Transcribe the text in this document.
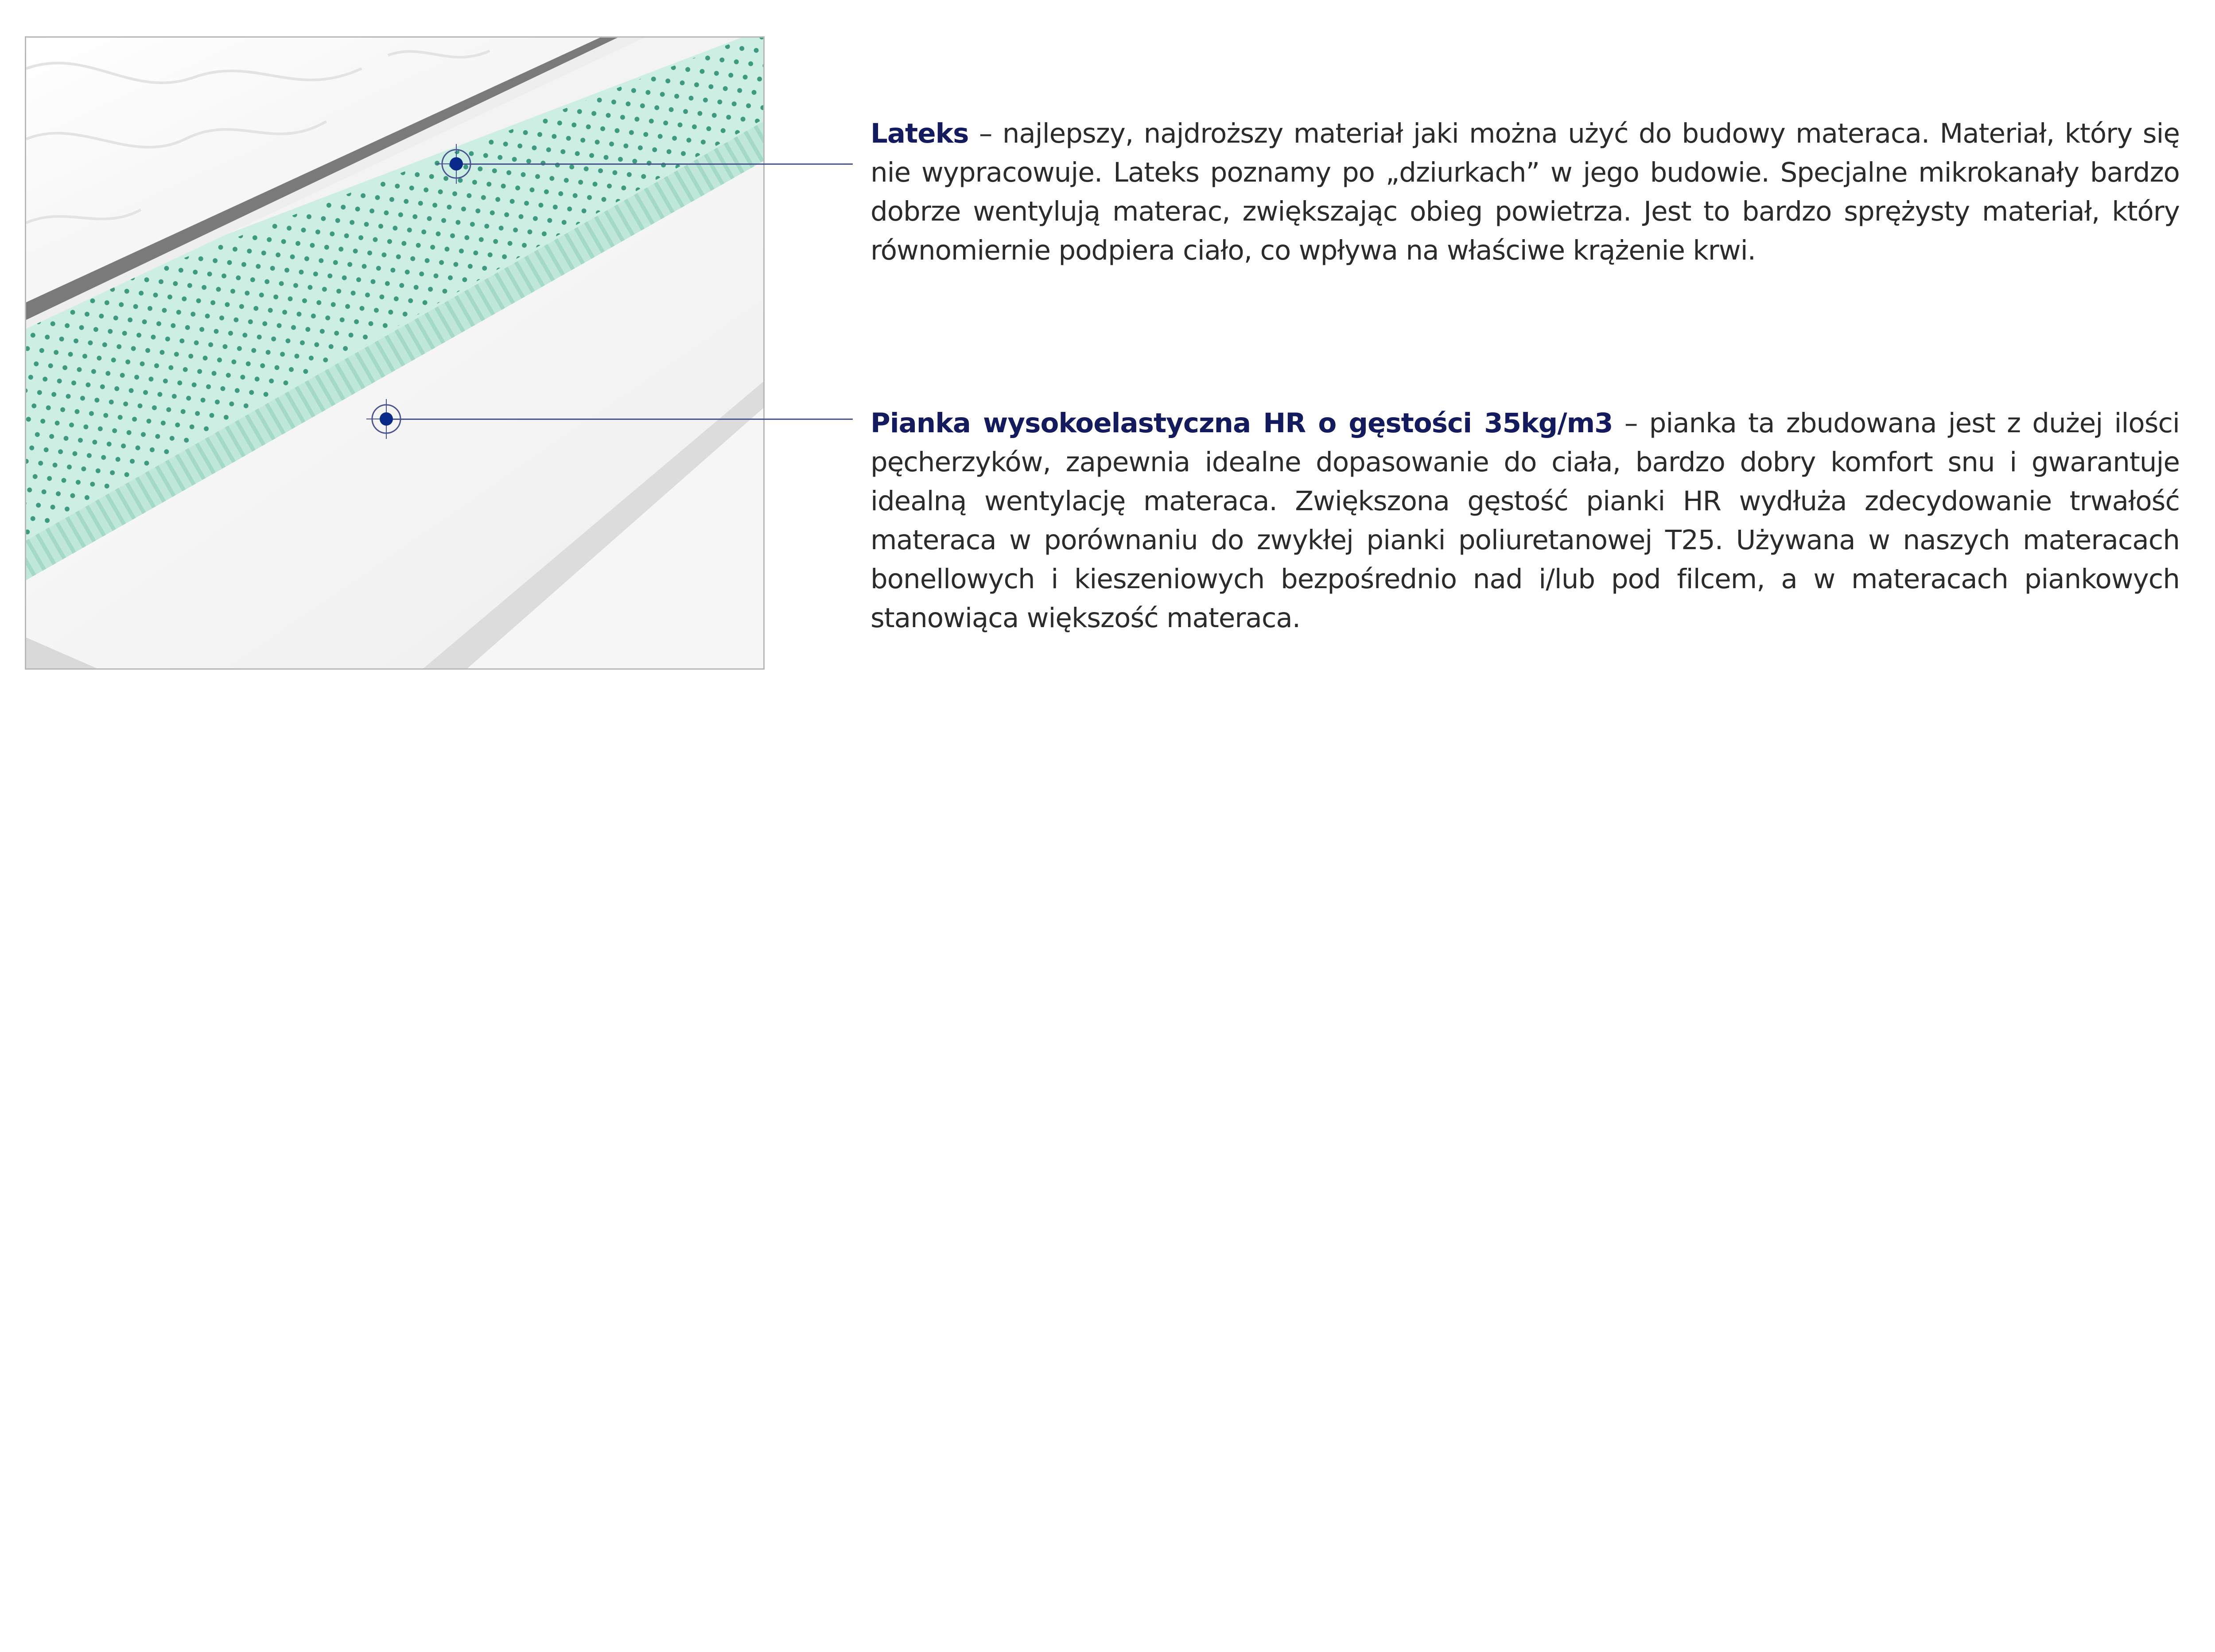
Lateks – najlepszy, najdroższy materiał jaki można użyć do budowy materaca. Materiał, który się nie wypracowuje. Lateks poznamy po „dziurkach” w jego budowie. Specjalne mikrokanały bardzo dobrze wentylują materac, zwiększając obieg powietrza. Jest to bardzo sprężysty materiał, który równomiernie podpiera ciało, co wpływa na właściwe krążenie krwi.

Pianka wysokoelastyczna HR o gęstości 35kg/m3 – pianka ta zbudowana jest z dużej ilości pęcherzyków, zapewnia idealne dopasowanie do ciała, bardzo dobry komfort snu i gwarantuje idealną wentylację materaca. Zwiększona gęstość pianki HR wydłuża zdecydowanie trwałość materaca w porównaniu do zwykłej pianki poliuretanowej T25. Używana w naszych materacach bonellowych i kieszeniowych bezpośrednio nad i/lub pod filcem, a w materacach piankowych stanowiąca większość materaca.
